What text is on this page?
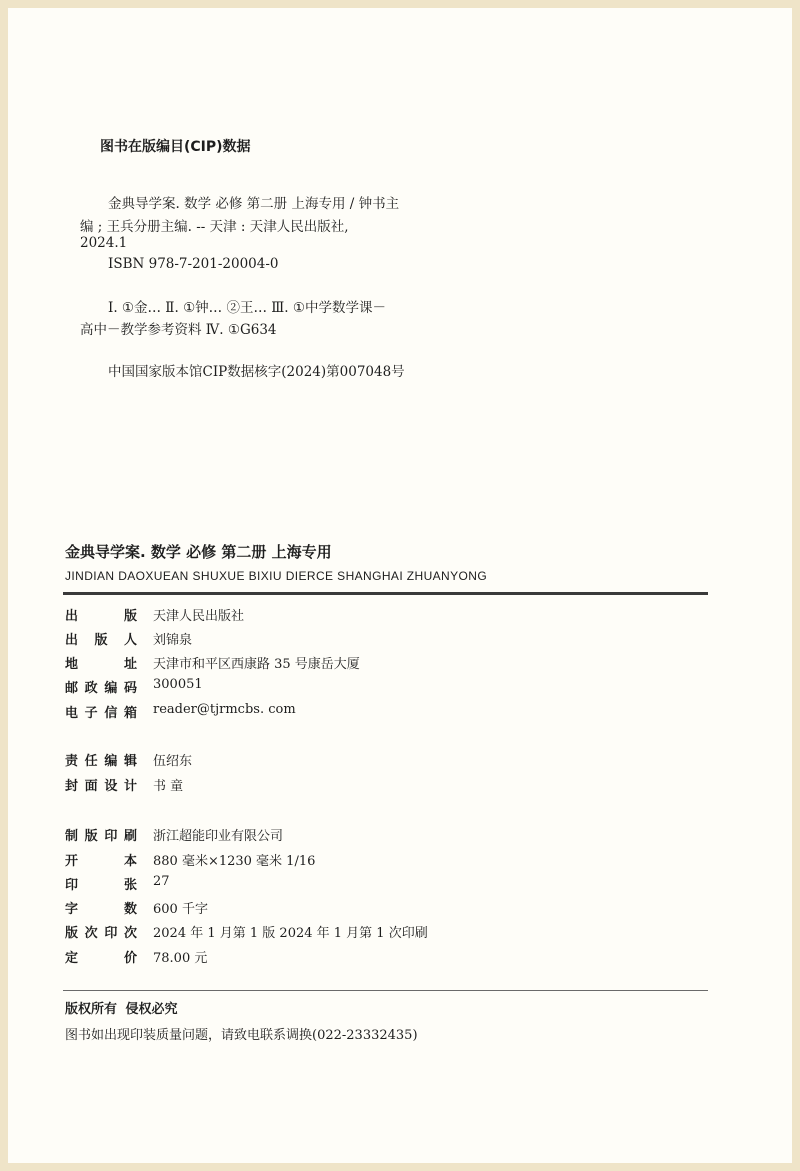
图书在版编目(CIP)数据
金典导学案. 数学 必修 第二册 上海专用 / 钟书主
编 ; 王兵分册主编. -- 天津 : 天津人民出版社,
2024.1
ISBN 978-7-201-20004-0
Ⅰ. ①金… Ⅱ. ①钟… ②王… Ⅲ. ①中学数学课－
高中－教学参考资料 Ⅳ. ①G634
中国国家版本馆CIP数据核字(2024)第007048号
金典导学案. 数学 必修 第二册 上海专用
JINDIAN DAOXUEAN SHUXUE BIXIU DIERCE SHANGHAI ZHUANYONG
出版 天津人民出版社
出版人 刘锦泉
地址 天津市和平区西康路 35 号康岳大厦
邮政编码 300051
电子信箱 reader@tjrmcbs. com
责任编辑 伍绍东
封面设计 书 童
制版印刷 浙江超能印业有限公司
开本 880 毫米×1230 毫米 1/16
印张 27
字数 600 千字
版次印次 2024 年 1 月第 1 版 2024 年 1 月第 1 次印刷
定价 78.00 元
版权所有 侵权必究
图书如出现印装质量问题，请致电联系调换(022-23332435)
